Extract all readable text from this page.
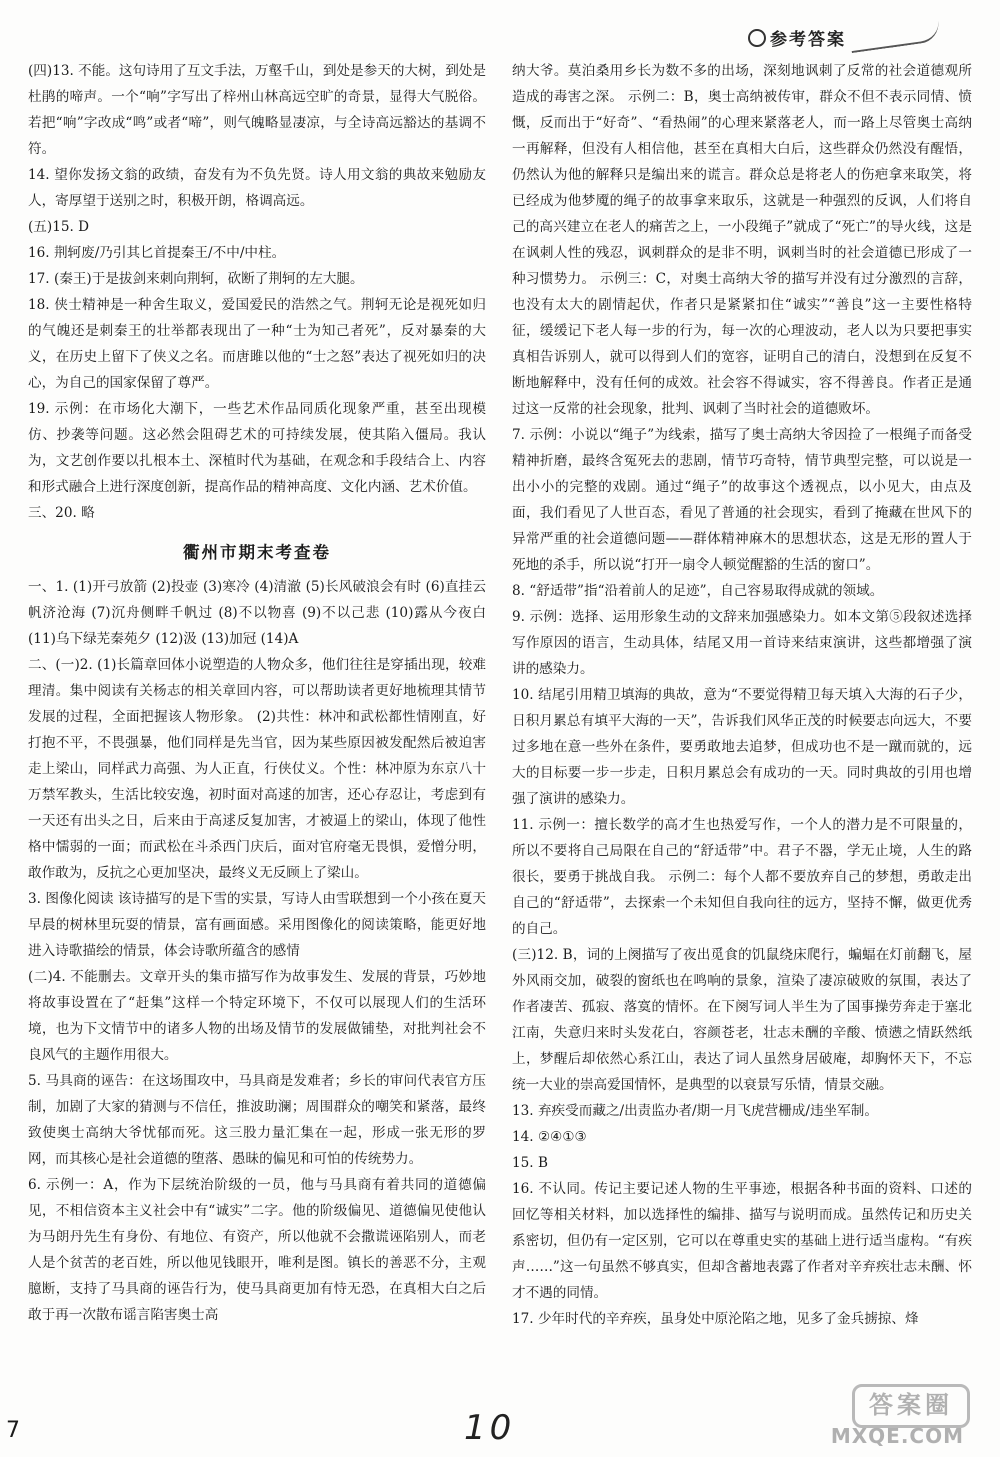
参考答案

(四)13. 不能。这句诗用了互文手法，万壑千山，到处是参天的大树，到处是杜鹃的啼声。一个“响”字写出了梓州山林高远空旷的奇景，显得大气脱俗。若把“响”字改成“鸣”或者“啼”，则气魄略显凄凉，与全诗高远豁达的基调不符。

14. 望你发扬文翁的政绩，奋发有为不负先贤。诗人用文翁的典故来勉励友人，寄厚望于送别之时，积极开朗，格调高远。

(五)15. D

16. 荆轲废/乃引其匕首提秦王/不中/中柱。

17. (秦王)于是拔剑来刺向荆轲，砍断了荆轲的左大腿。

18. 侠士精神是一种舍生取义，爱国爱民的浩然之气。荆轲无论是视死如归的气魄还是刺秦王的壮举都表现出了一种“士为知己者死”，反对暴秦的大义，在历史上留下了侠义之名。而唐雎以他的“士之怒”表达了视死如归的决心，为自己的国家保留了尊严。

19. 示例：在市场化大潮下，一些艺术作品同质化现象严重，甚至出现模仿、抄袭等问题。这必然会阻碍艺术的可持续发展，使其陷入僵局。我认为，文艺创作要以扎根本土、深植时代为基础，在观念和手段结合上、内容和形式融合上进行深度创新，提高作品的精神高度、文化内涵、艺术价值。

三、20. 略

衢州市期末考查卷

一、1. (1)开弓放箭 (2)投壶 (3)寒冷 (4)清澈 (5)长风破浪会有时 (6)直挂云帆济沧海 (7)沉舟侧畔千帆过 (8)不以物喜 (9)不以己悲 (10)露从今夜白 (11)乌下绿芜秦苑夕 (12)汲 (13)加冠 (14)A

二、(一)2. (1)长篇章回体小说塑造的人物众多，他们往往是穿插出现，较难理清。集中阅读有关杨志的相关章回内容，可以帮助读者更好地梳理其情节发展的过程，全面把握该人物形象。 (2)共性：林冲和武松都性情刚直，好打抱不平，不畏强暴，他们同样是先当官，因为某些原因被发配然后被迫害走上梁山，同样武力高强、为人正直，行侠仗义。个性：林冲原为东京八十万禁军教头，生活比较安逸，初时面对高逑的加害，还心存忍让，考虑到有一天还有出头之日，后来由于高逑反复加害，才被逼上的梁山，体现了他性格中懦弱的一面；而武松在斗杀西门庆后，面对官府毫无畏惧，爱憎分明，敢作敢为，反抗之心更加坚决，最终义无反顾上了梁山。

3. 图像化阅读 该诗描写的是下雪的实景，写诗人由雪联想到一个小孩在夏天早晨的树林里玩耍的情景，富有画面感。采用图像化的阅读策略，能更好地进入诗歌描绘的情景，体会诗歌所蕴含的感情

(二)4. 不能删去。文章开头的集市描写作为故事发生、发展的背景，巧妙地将故事设置在了“赶集”这样一个特定环境下，不仅可以展现人们的生活环境，也为下文情节中的诸多人物的出场及情节的发展做铺垫，对批判社会不良风气的主题作用很大。

5. 马具商的诬告：在这场围攻中，马具商是发难者；乡长的审问代表官方压制，加剧了大家的猜测与不信任，推波助澜；周围群众的嘲笑和紧落，最终致使奥士高纳大爷忧郁而死。这三股力量汇集在一起，形成一张无形的罗网，而其核心是社会道德的堕落、愚昧的偏见和可怕的传统势力。

6. 示例一：A，作为下层统治阶级的一员，他与马具商有着共同的道德偏见，不相信资本主义社会中有“诚实”二字。他的阶级偏见、道德偏见使他认为马朗丹先生有身份、有地位、有资产，所以他就不会撒谎诬陷别人，而老人是个贫苦的老百姓，所以他见钱眼开，唯利是图。镇长的善恶不分，主观臆断，支持了马具商的诬告行为，使马具商更加有恃无恐，在真相大白之后敢于再一次散布谣言陷害奥士高

纳大爷。莫泊桑用乡长为数不多的出场，深刻地讽刺了反常的社会道德观所造成的毒害之深。 示例二：B，奥士高纳被传审，群众不但不表示同情、愤慨，反而出于“好奇”、“看热闹”的心理来紧落老人，而一路上尽管奥士高纳一再解释，但没有人相信他，甚至在真相大白后，这些群众仍然没有醒悟，仍然认为他的解释只是编出来的谎言。群众总是将老人的伤疤拿来取笑，将已经成为他梦魇的绳子的故事拿来取乐，这就是一种强烈的反讽，人们将自己的高兴建立在老人的痛苦之上，一小段绳子”就成了“死亡”的导火线，这是在讽刺人性的残忍，讽刺群众的是非不明，讽刺当时的社会道德已形成了一种习惯势力。 示例三：C，对奥士高纳大爷的描写并没有过分激烈的言辞，也没有太大的剧情起伏，作者只是紧紧扣住“诚实”“善良”这一主要性格特征，缓缓记下老人每一步的行为，每一次的心理波动，老人以为只要把事实真相告诉别人，就可以得到人们的宽容，证明自己的清白，没想到在反复不断地解释中，没有任何的成效。社会容不得诚实，容不得善良。作者正是通过这一反常的社会现象，批判、讽刺了当时社会的道德败坏。

7. 示例：小说以“绳子”为线索，描写了奥士高纳大爷因捡了一根绳子而备受精神折磨，最终含冤死去的悲剧，情节巧奇特，情节典型完整，可以说是一出小小的完整的戏剧。通过“绳子”的故事这个透视点，以小见大，由点及面，我们看见了人世百态，看见了普通的社会现实，看到了掩藏在世风下的异常严重的社会道德问题——群体精神麻木的思想状态，这是无形的置人于死地的杀手，所以说“打开一扇令人顿觉醒豁的生活的窗口”。

8. “舒适带”指“沿着前人的足迹”，自己容易取得成就的领域。

9. 示例：选择、运用形象生动的文辞来加强感染力。如本文第⑤段叙述选择写作原因的语言，生动具体，结尾又用一首诗来结束演讲，这些都增强了演讲的感染力。

10. 结尾引用精卫填海的典故，意为“不要觉得精卫每天填入大海的石子少，日积月累总有填平大海的一天”，告诉我们风华正茂的时候要志向远大，不要过多地在意一些外在条件，要勇敢地去追梦，但成功也不是一蹴而就的，远大的目标要一步一步走，日积月累总会有成功的一天。同时典故的引用也增强了演讲的感染力。

11. 示例一：擅长数学的高才生也热爱写作，一个人的潜力是不可限量的，所以不要将自己局限在自己的“舒适带”中。君子不器，学无止境，人生的路很长，要勇于挑战自我。 示例二：每个人都不要放弃自己的梦想，勇敢走出自己的“舒适带”，去探索一个未知但自我向往的远方，坚持不懈，做更优秀的自己。

(三)12. B，词的上阕描写了夜出觅食的饥鼠绕床爬行，蝙蝠在灯前翻飞，屋外风雨交加，破裂的窗纸也在鸣响的景象，渲染了凄凉破败的氛围，表达了作者凄苦、孤寂、落寞的情怀。在下阕写词人半生为了国事操劳奔走于塞北江南，失意归来时头发花白，容颜苍老，壮志未酬的辛酸、愤懑之情跃然纸上，梦醒后却依然心系江山，表达了词人虽然身居破庵，却胸怀天下，不忘统一大业的崇高爱国情怀，是典型的以衰景写乐情，情景交融。

13. 弃疾受而藏之/出责监办者/期一月飞虎营栅成/违坐军制。

14. ②④①③

15. B

16. 不认同。传记主要记述人物的生平事迹，根据各种书面的资料、口述的回忆等相关材料，加以选择性的编排、描写与说明而成。虽然传记和历史关系密切，但仍有一定区别，它可以在尊重史实的基础上进行适当虚构。“有疾声……”这一句虽然不够真实，但却含蓄地表露了作者对辛弃疾壮志未酬、怀才不遇的同情。

17. 少年时代的辛弃疾，虽身处中原沦陷之地，见多了金兵掳掠、烽

7	10
答案圈
MXQE.COM
